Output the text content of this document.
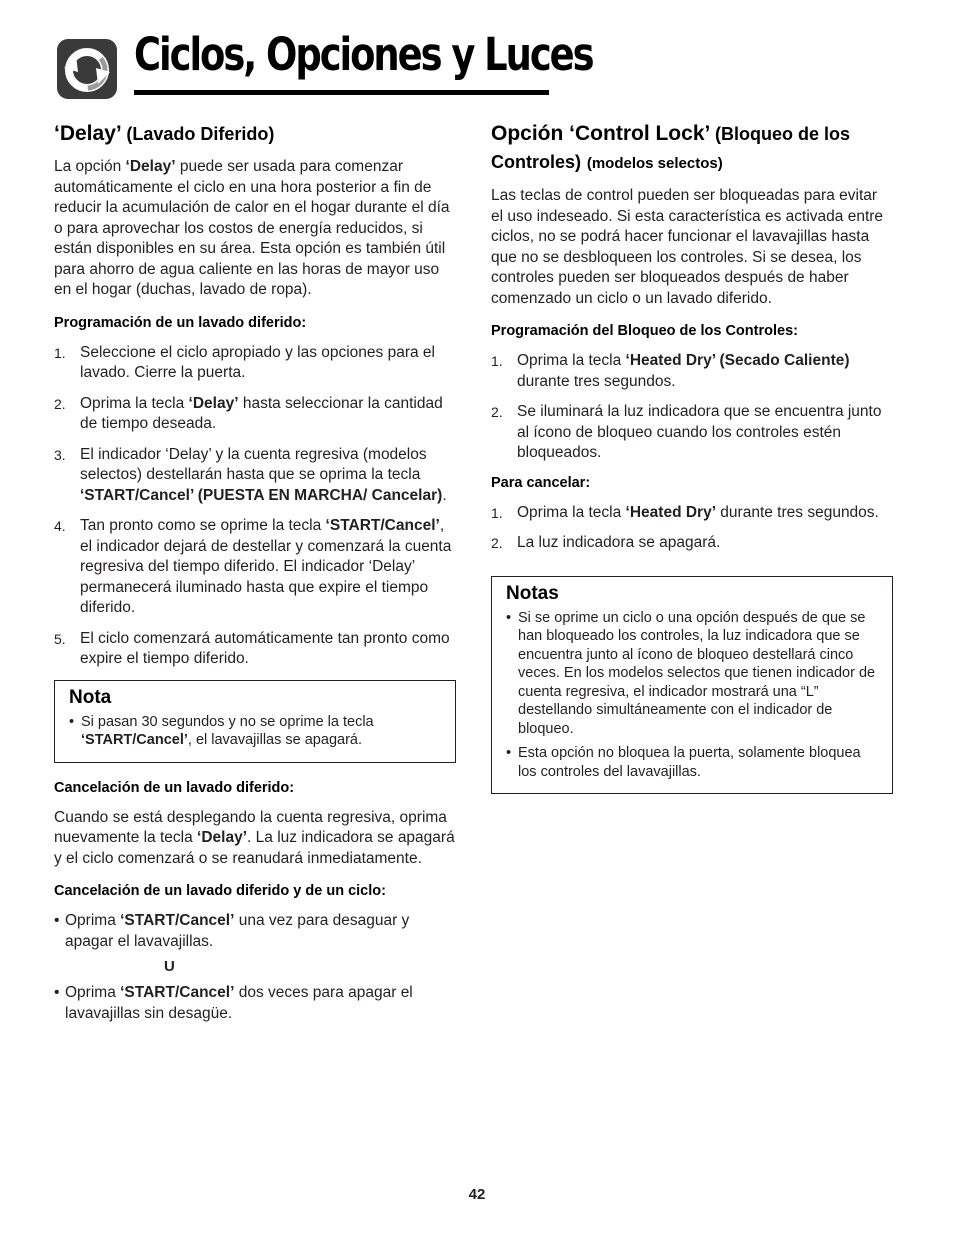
Ciclos, Opciones y Luces
‘Delay’ (Lavado Diferido)

La opción ‘Delay’ puede ser usada para comenzar automáticamente el ciclo en una hora posterior a fin de reducir la acumulación de calor en el hogar durante el día o para aprovechar los costos de energía reducidos, si están disponibles en su área. Esta opción es también útil para ahorro de agua caliente en las horas de mayor uso en el hogar (duchas, lavado de ropa).

Programación de un lavado diferido:
1. Seleccione el ciclo apropiado y las opciones para el lavado. Cierre la puerta.
2. Oprima la tecla ‘Delay’ hasta seleccionar la cantidad de tiempo deseada.
3. El indicador ‘Delay’ y la cuenta regresiva (modelos selectos) destellarán hasta que se oprima la tecla ‘START/Cancel’ (PUESTA EN MARCHA/ Cancelar).
4. Tan pronto como se oprime la tecla ‘START/Cancel’, el indicador dejará de destellar y comenzará la cuenta regresiva del tiempo diferido. El indicador ‘Delay’ permanecerá iluminado hasta que expire el tiempo diferido.
5. El ciclo comenzará automáticamente tan pronto como expire el tiempo diferido.
Nota
• Si pasan 30 segundos y no se oprime la tecla ‘START/Cancel’, el lavavajillas se apagará.
Cancelación de un lavado diferido:

Cuando se está desplegando la cuenta regresiva, oprima nuevamente la tecla ‘Delay’. La luz indicadora se apagará y el ciclo comenzará o se reanudará inmediatamente.

Cancelación de un lavado diferido y de un ciclo:
• Oprima ‘START/Cancel’ una vez para desaguar y apagar el lavavajillas.
U
• Oprima ‘START/Cancel’ dos veces para apagar el lavavajillas sin desagüe.
Opción ‘Control Lock’ (Bloqueo de los Controles) (modelos selectos)

Las teclas de control pueden ser bloqueadas para evitar el uso indeseado. Si esta característica es activada entre ciclos, no se podrá hacer funcionar el lavavajillas hasta que no se desbloqueen los controles. Si se desea, los controles pueden ser bloqueados después de haber comenzado un ciclo o un lavado diferido.

Programación del Bloqueo de los Controles:
1. Oprima la tecla ‘Heated Dry’ (Secado Caliente) durante tres segundos.
2. Se iluminará la luz indicadora que se encuentra junto al ícono de bloqueo cuando los controles estén bloqueados.
Para cancelar:
1. Oprima la tecla ‘Heated Dry’ durante tres segundos.
2. La luz indicadora se apagará.
Notas
• Si se oprime un ciclo o una opción después de que se han bloqueado los controles, la luz indicadora que se encuentra junto al ícono de bloqueo destellará cinco veces. En los modelos selectos que tienen indicador de cuenta regresiva, el indicador mostrará una “L” destellando simultáneamente con el indicador de bloqueo.
• Esta opción no bloquea la puerta, solamente bloquea los controles del lavavajillas.
42
